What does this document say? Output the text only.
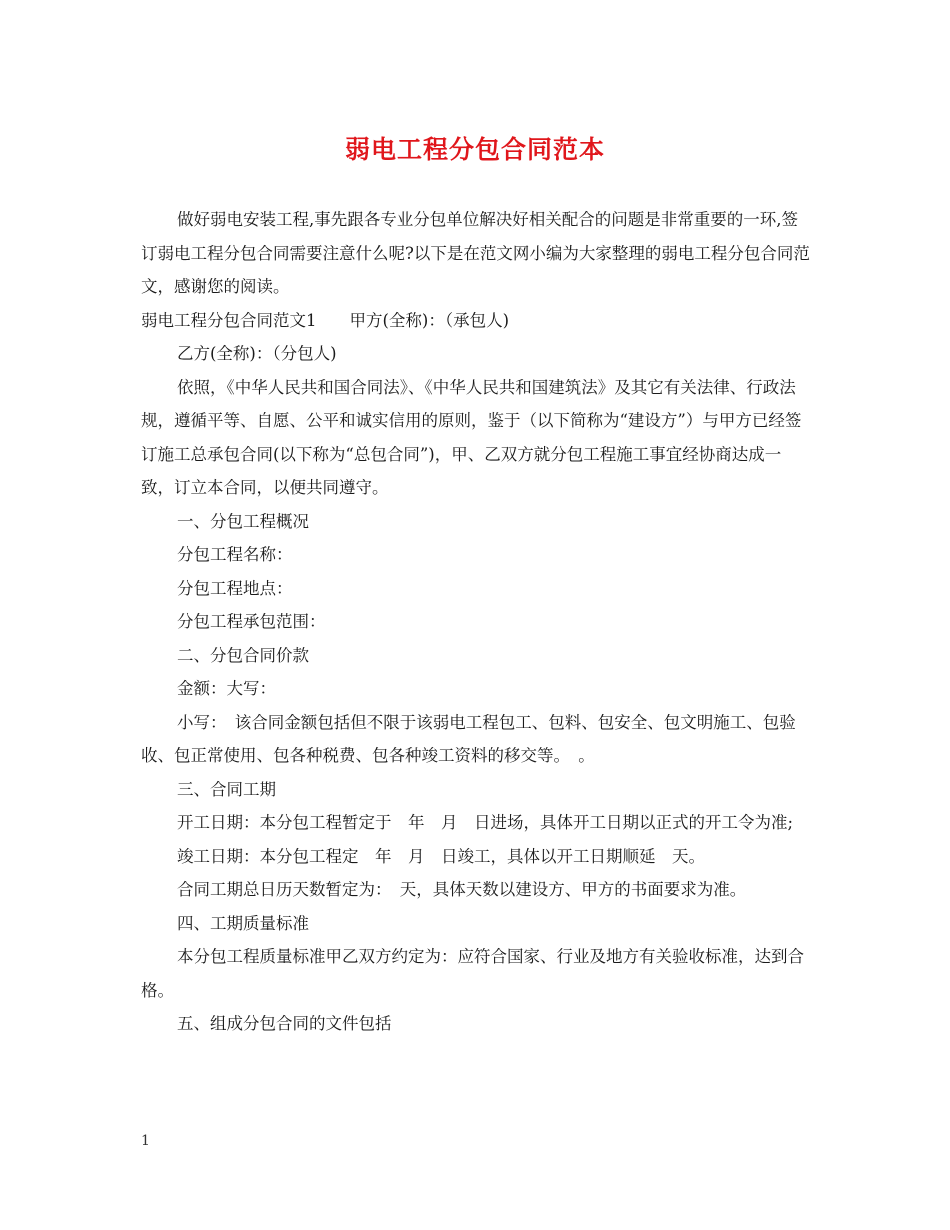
弱电工程分包合同范本

做好弱电安装工程,事先跟各专业分包单位解决好相关配合的问题是非常重要的一环,签订弱电工程分包合同需要注意什么呢?以下是在范文网小编为大家整理的弱电工程分包合同范文，感谢您的阅读。

弱电工程分包合同范文1　　甲方(全称)：（承包人)

乙方(全称)：（分包人)

依照，《中华人民共和国合同法》、《中华人民共和国建筑法》及其它有关法律、行政法规，遵循平等、自愿、公平和诚实信用的原则，鉴于（以下简称为“建设方”）与甲方已经签订施工总承包合同(以下称为“总包合同”)，甲、乙双方就分包工程施工事宜经协商达成一致，订立本合同，以便共同遵守。

一、分包工程概况

分包工程名称：

分包工程地点：

分包工程承包范围：

二、分包合同价款

金额：大写：

小写：　该合同金额包括但不限于该弱电工程包工、包料、包安全、包文明施工、包验收、包正常使用、包各种税费、包各种竣工资料的移交等。　。

三、合同工期

开工日期：本分包工程暂定于　年　月　日进场，具体开工日期以正式的开工令为准;

竣工日期：本分包工程定　年　月　日竣工，具体以开工日期顺延　天。

合同工期总日历天数暂定为：　天，具体天数以建设方、甲方的书面要求为准。

四、工期质量标准

本分包工程质量标准甲乙双方约定为：应符合国家、行业及地方有关验收标准，达到合格。

五、组成分包合同的文件包括

1
